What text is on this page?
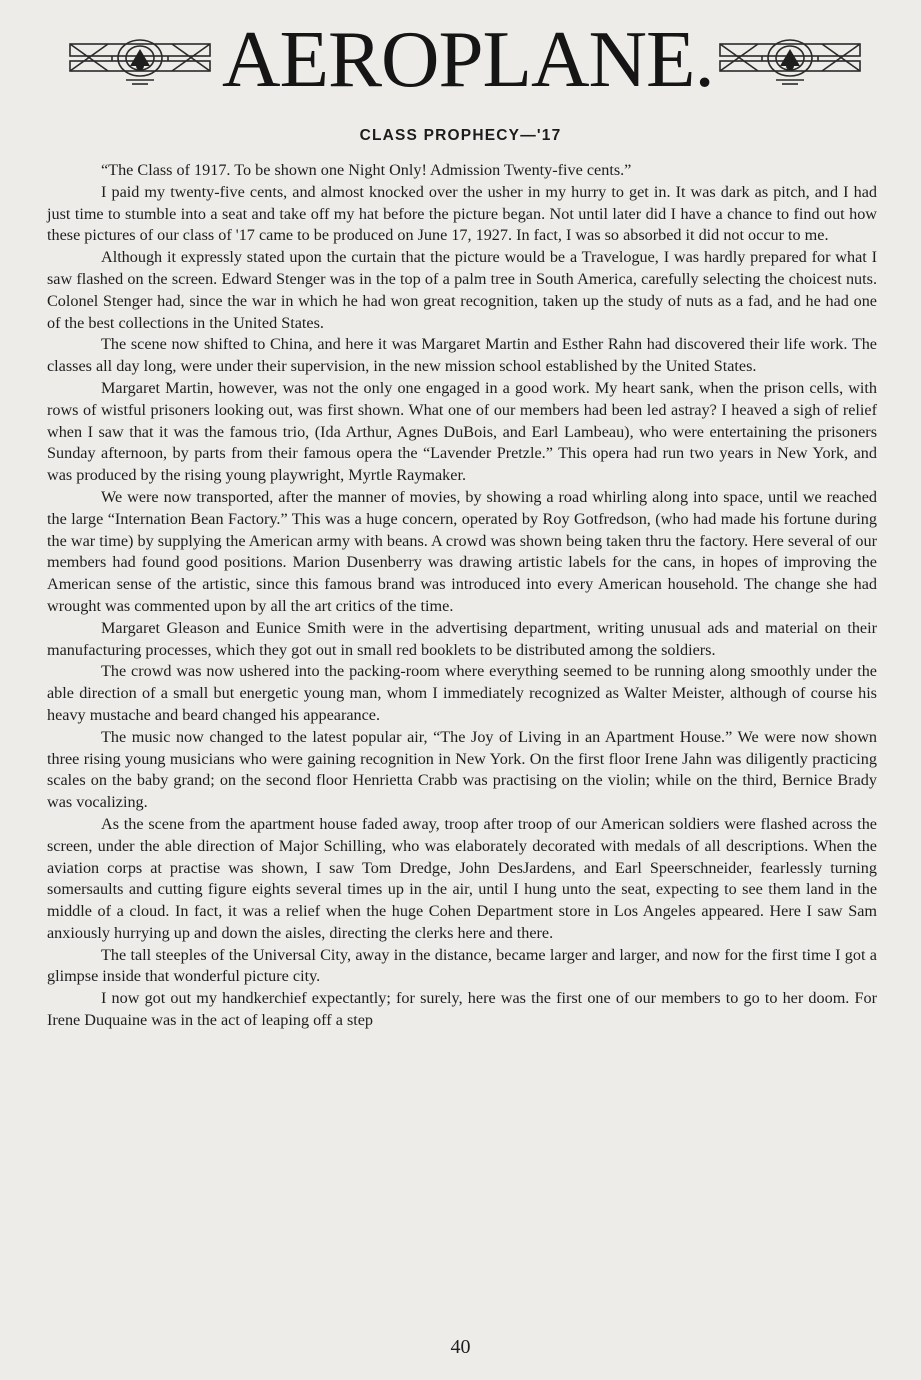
AEROPLANE.
CLASS PROPHECY—'17

“The Class of 1917. To be shown one Night Only! Admission Twenty-five cents.”

I paid my twenty-five cents, and almost knocked over the usher in my hurry to get in. It was dark as pitch, and I had just time to stumble into a seat and take off my hat before the picture began. Not until later did I have a chance to find out how these pictures of our class of '17 came to be produced on June 17, 1927. In fact, I was so absorbed it did not occur to me.

Although it expressly stated upon the curtain that the picture would be a Travelogue, I was hardly prepared for what I saw flashed on the screen. Edward Stenger was in the top of a palm tree in South America, carefully selecting the choicest nuts. Colonel Stenger had, since the war in which he had won great recognition, taken up the study of nuts as a fad, and he had one of the best collections in the United States.

The scene now shifted to China, and here it was Margaret Martin and Esther Rahn had discovered their life work. The classes all day long, were under their supervision, in the new mission school established by the United States.

Margaret Martin, however, was not the only one engaged in a good work. My heart sank, when the prison cells, with rows of wistful prisoners looking out, was first shown. What one of our members had been led astray? I heaved a sigh of relief when I saw that it was the famous trio, (Ida Arthur, Agnes DuBois, and Earl Lambeau), who were entertaining the prisoners Sunday afternoon, by parts from their famous opera the “Lavender Pretzle.” This opera had run two years in New York, and was produced by the rising young playwright, Myrtle Raymaker.

We were now transported, after the manner of movies, by showing a road whirling along into space, until we reached the large “Internation Bean Factory.” This was a huge concern, operated by Roy Gotfredson, (who had made his fortune during the war time) by supplying the American army with beans. A crowd was shown being taken thru the factory. Here several of our members had found good positions. Marion Dusenberry was drawing artistic labels for the cans, in hopes of improving the American sense of the artistic, since this famous brand was introduced into every American household. The change she had wrought was commented upon by all the art critics of the time.

Margaret Gleason and Eunice Smith were in the advertising department, writing unusual ads and material on their manufacturing processes, which they got out in small red booklets to be distributed among the soldiers.

The crowd was now ushered into the packing-room where everything seemed to be running along smoothly under the able direction of a small but energetic young man, whom I immediately recognized as Walter Meister, although of course his heavy mustache and beard changed his appearance.

The music now changed to the latest popular air, “The Joy of Living in an Apartment House.” We were now shown three rising young musicians who were gaining recognition in New York. On the first floor Irene Jahn was diligently practicing scales on the baby grand; on the second floor Henrietta Crabb was practising on the violin; while on the third, Bernice Brady was vocalizing.

As the scene from the apartment house faded away, troop after troop of our American soldiers were flashed across the screen, under the able direction of Major Schilling, who was elaborately decorated with medals of all descriptions. When the aviation corps at practise was shown, I saw Tom Dredge, John DesJardens, and Earl Speerschneider, fearlessly turning somersaults and cutting figure eights several times up in the air, until I hung unto the seat, expecting to see them land in the middle of a cloud. In fact, it was a relief when the huge Cohen Department store in Los Angeles appeared. Here I saw Sam anxiously hurrying up and down the aisles, directing the clerks here and there.

The tall steeples of the Universal City, away in the distance, became larger and larger, and now for the first time I got a glimpse inside that wonderful picture city.

I now got out my handkerchief expectantly; for surely, here was the first one of our members to go to her doom. For Irene Duquaine was in the act of leaping off a step

40
